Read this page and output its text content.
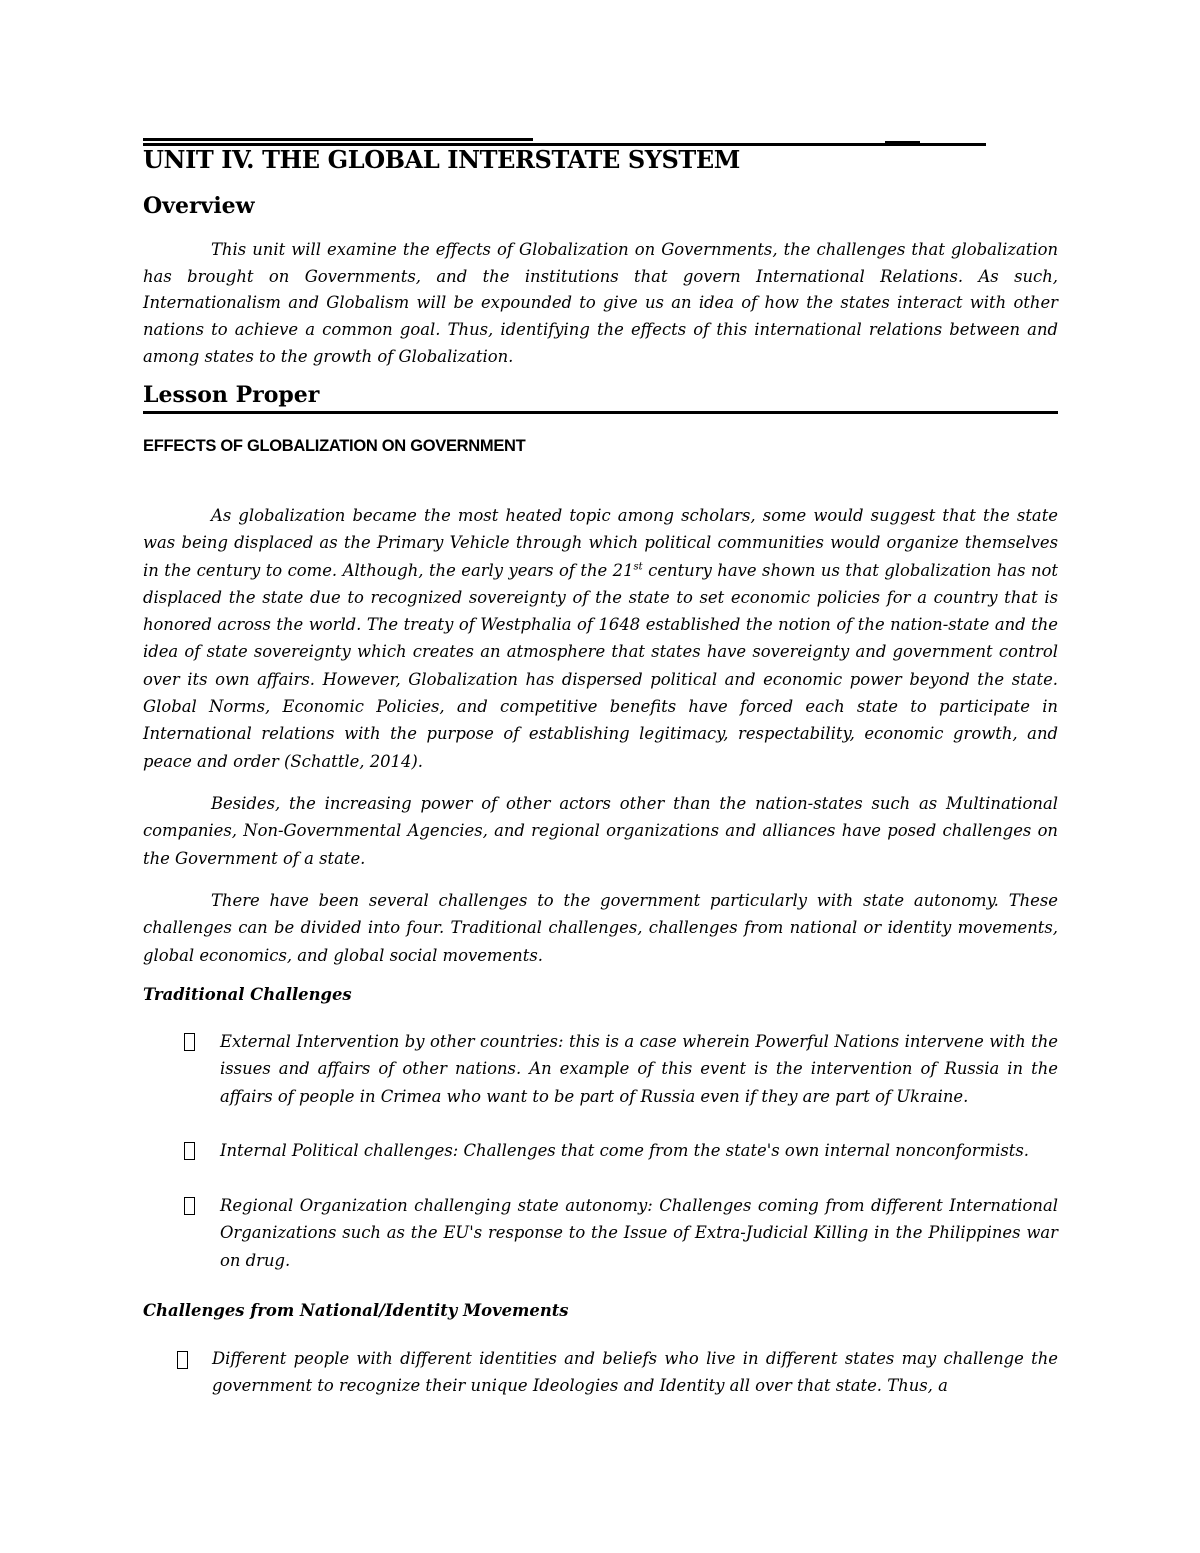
UNIT IV. THE GLOBAL INTERSTATE SYSTEM
Overview

This unit will examine the effects of Globalization on Governments, the challenges that globalization has brought on Governments, and the institutions that govern International Relations. As such, Internationalism and Globalism will be expounded to give us an idea of how the states interact with other nations to achieve a common goal. Thus, identifying the effects of this international relations between and among states to the growth of Globalization.

Lesson Proper
EFFECTS OF GLOBALIZATION ON GOVERNMENT

As globalization became the most heated topic among scholars, some would suggest that the state was being displaced as the Primary Vehicle through which political communities would organize themselves in the century to come. Although, the early years of the 21st century have shown us that globalization has not displaced the state due to recognized sovereignty of the state to set economic policies for a country that is honored across the world. The treaty of Westphalia of 1648 established the notion of the nation-state and the idea of state sovereignty which creates an atmosphere that states have sovereignty and government control over its own affairs. However, Globalization has dispersed political and economic power beyond the state. Global Norms, Economic Policies, and competitive benefits have forced each state to participate in International relations with the purpose of establishing legitimacy, respectability, economic growth, and peace and order (Schattle, 2014).

Besides, the increasing power of other actors other than the nation-states such as Multinational companies, Non-Governmental Agencies, and regional organizations and alliances have posed challenges on the Government of a state.

There have been several challenges to the government particularly with state autonomy. These challenges can be divided into four. Traditional challenges, challenges from national or identity movements, global economics, and global social movements.

Traditional Challenges

External Intervention by other countries: this is a case wherein Powerful Nations intervene with the issues and affairs of other nations. An example of this event is the intervention of Russia in the affairs of people in Crimea who want to be part of Russia even if they are part of Ukraine.

Internal Political challenges: Challenges that come from the state's own internal nonconformists.

Regional Organization challenging state autonomy: Challenges coming from different International Organizations such as the EU's response to the Issue of Extra-Judicial Killing in the Philippines war on drug.

Challenges from National/Identity Movements

Different people with different identities and beliefs who live in different states may challenge the government to recognize their unique Ideologies and Identity all over that state. Thus, a
